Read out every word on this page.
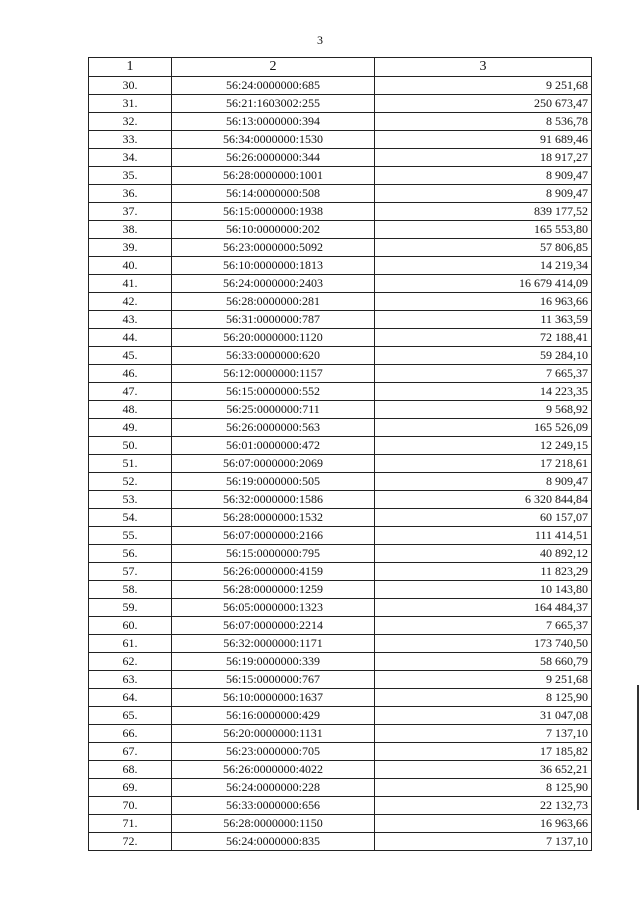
3
1	2	3
30.	56:24:0000000:685	9 251,68
31.	56:21:1603002:255	250 673,47
32.	56:13:0000000:394	8 536,78
33.	56:34:0000000:1530	91 689,46
34.	56:26:0000000:344	18 917,27
35.	56:28:0000000:1001	8 909,47
36.	56:14:0000000:508	8 909,47
37.	56:15:0000000:1938	839 177,52
38.	56:10:0000000:202	165 553,80
39.	56:23:0000000:5092	57 806,85
40.	56:10:0000000:1813	14 219,34
41.	56:24:0000000:2403	16 679 414,09
42.	56:28:0000000:281	16 963,66
43.	56:31:0000000:787	11 363,59
44.	56:20:0000000:1120	72 188,41
45.	56:33:0000000:620	59 284,10
46.	56:12:0000000:1157	7 665,37
47.	56:15:0000000:552	14 223,35
48.	56:25:0000000:711	9 568,92
49.	56:26:0000000:563	165 526,09
50.	56:01:0000000:472	12 249,15
51.	56:07:0000000:2069	17 218,61
52.	56:19:0000000:505	8 909,47
53.	56:32:0000000:1586	6 320 844,84
54.	56:28:0000000:1532	60 157,07
55.	56:07:0000000:2166	111 414,51
56.	56:15:0000000:795	40 892,12
57.	56:26:0000000:4159	11 823,29
58.	56:28:0000000:1259	10 143,80
59.	56:05:0000000:1323	164 484,37
60.	56:07:0000000:2214	7 665,37
61.	56:32:0000000:1171	173 740,50
62.	56:19:0000000:339	58 660,79
63.	56:15:0000000:767	9 251,68
64.	56:10:0000000:1637	8 125,90
65.	56:16:0000000:429	31 047,08
66.	56:20:0000000:1131	7 137,10
67.	56:23:0000000:705	17 185,82
68.	56:26:0000000:4022	36 652,21
69.	56:24:0000000:228	8 125,90
70.	56:33:0000000:656	22 132,73
71.	56:28:0000000:1150	16 963,66
72.	56:24:0000000:835	7 137,10
